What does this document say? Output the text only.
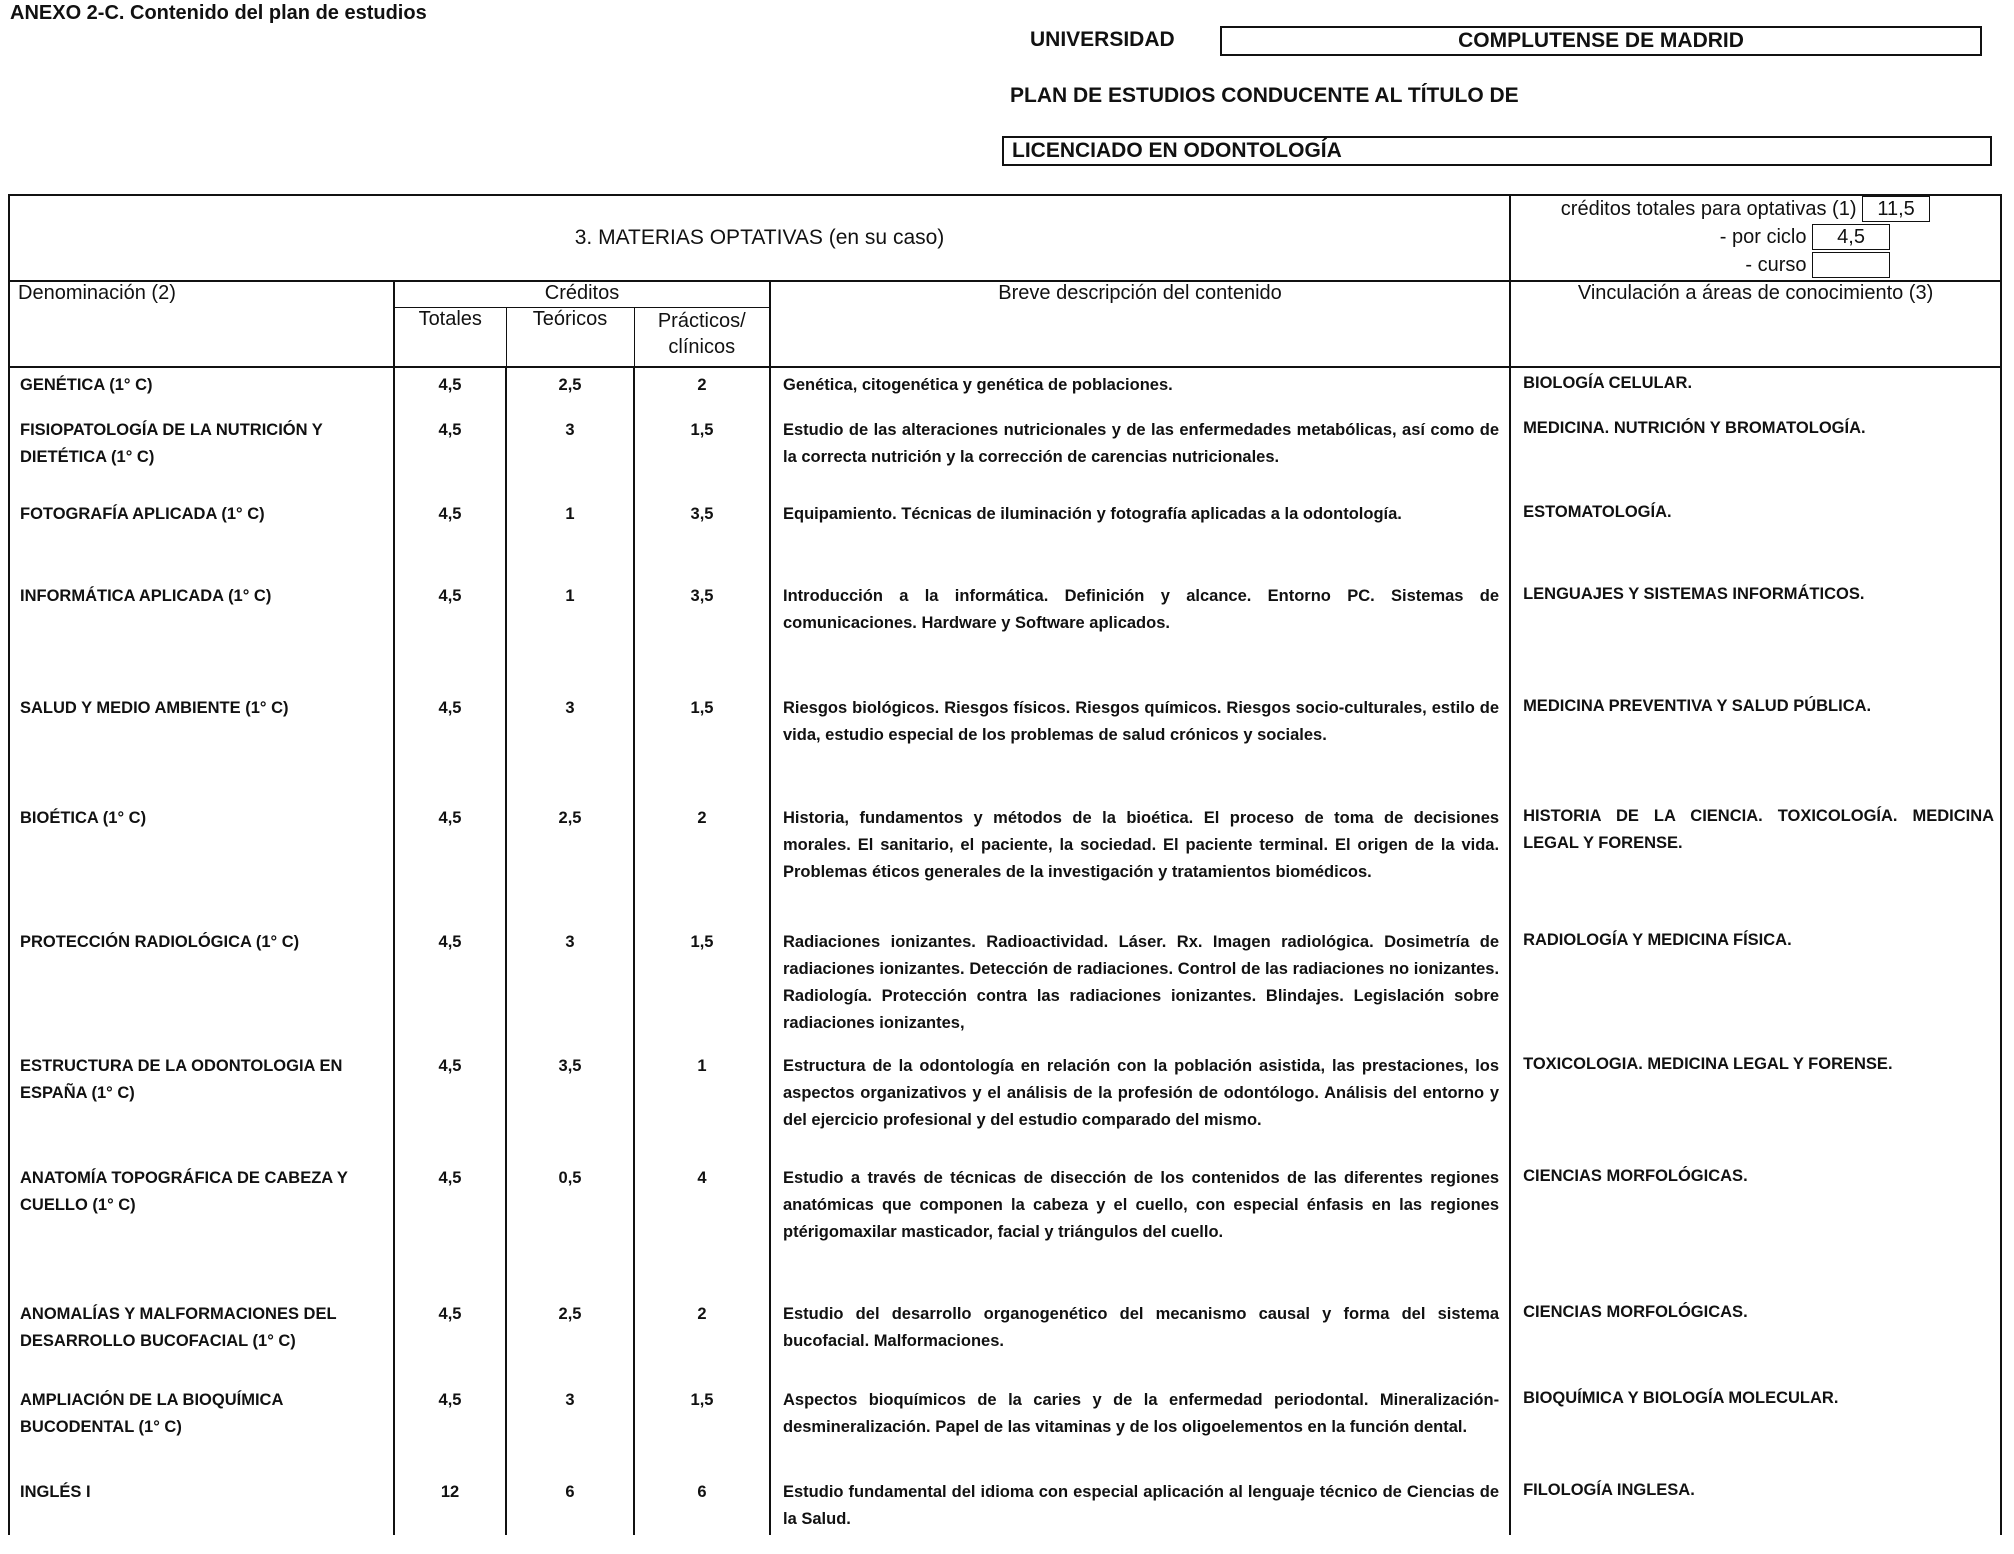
ANEXO 2-C. Contenido del plan de estudios
UNIVERSIDAD	COMPLUTENSE DE MADRID
PLAN DE ESTUDIOS CONDUCENTE AL TÍTULO DE
LICENCIADO EN ODONTOLOGÍA
3. MATERIAS OPTATIVAS (en su caso)					créditos totales para optativas (1) 11,5
- por ciclo 4,5
- curso

Denominación (2)	Créditos			Breve descripción del contenido	Vinculación a áreas de conocimiento (3)
	Totales	Teóricos	Prácticos/
clínicos		
GENÉTICA (1° C)	4,5	2,5	2	Genética, citogenética y genética de poblaciones.	BIOLOGÍA CELULAR.
FISIOPATOLOGÍA DE LA NUTRICIÓN Y DIETÉTICA (1° C)	4,5	3	1,5	Estudio de las alteraciones nutricionales y de las enfermedades metabólicas, así como de la correcta nutrición y la corrección de carencias nutricionales.	MEDICINA. NUTRICIÓN Y BROMATOLOGÍA.
FOTOGRAFÍA APLICADA (1° C)	4,5	1	3,5	Equipamiento. Técnicas de iluminación y fotografía aplicadas a la odontología.	ESTOMATOLOGÍA.
INFORMÁTICA APLICADA (1° C)	4,5	1	3,5	Introducción a la informática. Definición y alcance. Entorno PC. Sistemas de comunicaciones. Hardware y Software aplicados.	LENGUAJES Y SISTEMAS INFORMÁTICOS.
SALUD Y MEDIO AMBIENTE (1° C)	4,5	3	1,5	Riesgos biológicos. Riesgos físicos. Riesgos químicos. Riesgos socio-culturales, estilo de vida, estudio especial de los problemas de salud crónicos y sociales.	MEDICINA PREVENTIVA Y SALUD PÚBLICA.
BIOÉTICA (1° C)	4,5	2,5	2	Historia, fundamentos y métodos de la bioética. El proceso de toma de decisiones morales. El sanitario, el paciente, la sociedad. El paciente terminal. El origen de la vida. Problemas éticos generales de la investigación y tratamientos biomédicos.	HISTORIA DE LA CIENCIA. TOXICOLOGÍA. MEDICINA LEGAL Y FORENSE.
PROTECCIÓN RADIOLÓGICA (1° C)	4,5	3	1,5	Radiaciones ionizantes. Radioactividad. Láser. Rx. Imagen radiológica. Dosimetría de radiaciones ionizantes. Detección de radiaciones. Control de las radiaciones no ionizantes. Radiología. Protección contra las radiaciones ionizantes. Blindajes. Legislación sobre radiaciones ionizantes,	RADIOLOGÍA Y MEDICINA FÍSICA.
ESTRUCTURA DE LA ODONTOLOGIA EN ESPAÑA (1° C)	4,5	3,5	1	Estructura de la odontología en relación con la población asistida, las prestaciones, los aspectos organizativos y el análisis de la profesión de odontólogo. Análisis del entorno y del ejercicio profesional y del estudio comparado del mismo.	TOXICOLOGIA. MEDICINA LEGAL Y FORENSE.
ANATOMÍA TOPOGRÁFICA DE CABEZA Y CUELLO (1° C)	4,5	0,5	4	Estudio a través de técnicas de disección de los contenidos de las diferentes regiones anatómicas que componen la cabeza y el cuello, con especial énfasis en las regiones ptérigomaxilar masticador, facial y triángulos del cuello.	CIENCIAS MORFOLÓGICAS.
ANOMALÍAS Y MALFORMACIONES DEL DESARROLLO BUCOFACIAL (1° C)	4,5	2,5	2	Estudio del desarrollo organogenético del mecanismo causal y forma del sistema bucofacial. Malformaciones.	CIENCIAS MORFOLÓGICAS.
AMPLIACIÓN DE LA BIOQUÍMICA BUCODENTAL (1° C)	4,5	3	1,5	Aspectos bioquímicos de la caries y de la enfermedad periodontal. Mineralización-desmineralización. Papel de las vitaminas y de los oligoelementos en la función dental.	BIOQUÍMICA Y BIOLOGÍA MOLECULAR.
INGLÉS I	12	6	6	Estudio fundamental del idioma con especial aplicación al lenguaje técnico de Ciencias de la Salud.	FILOLOGÍA INGLESA.
